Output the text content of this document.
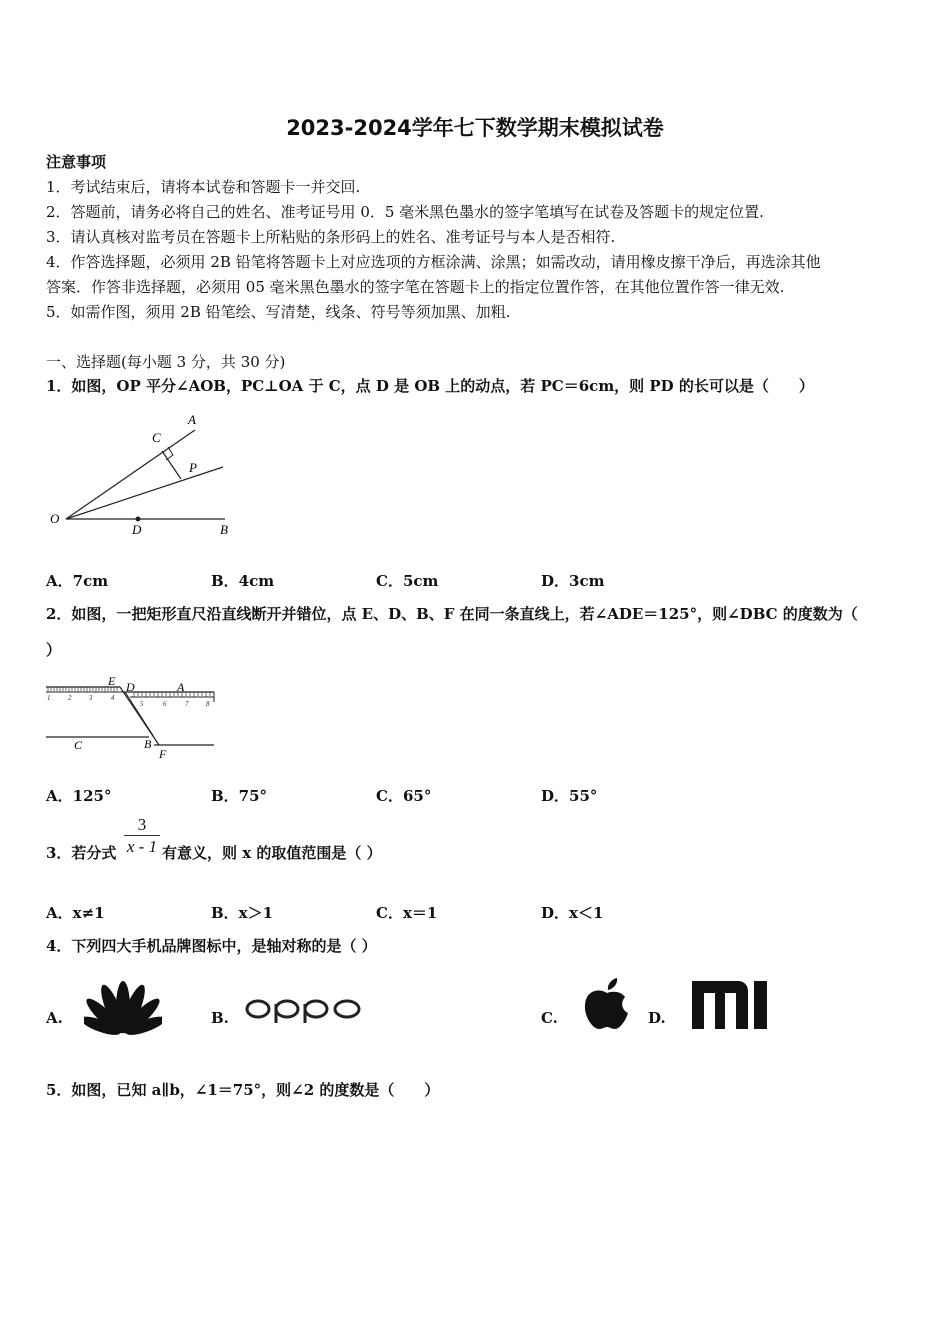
2023-2024学年七下数学期末模拟试卷
注意事项
1．考试结束后，请将本试卷和答题卡一并交回.
2．答题前，请务必将自己的姓名、准考证号用 0．5 毫米黑色墨水的签字笔填写在试卷及答题卡的规定位置.
3．请认真核对监考员在答题卡上所粘贴的条形码上的姓名、准考证号与本人是否相符.
4．作答选择题，必须用 2B 铅笔将答题卡上对应选项的方框涂满、涂黑；如需改动，请用橡皮擦干净后，再选涂其他
答案．作答非选择题，必须用 05 毫米黑色墨水的签字笔在答题卡上的指定位置作答，在其他位置作答一律无效.
5．如需作图，须用 2B 铅笔绘、写清楚，线条、符号等须加黑、加粗.
一、选择题(每小题 3 分，共 30 分)
1．如图，OP 平分∠AOB，PC⊥OA 于 C，点 D 是 OB 上的动点，若 PC＝6cm，则 PD 的长可以是（　　）
A
C
P
O
D	B
A．7cm	B．4cm	C．5cm	D．3cm
2．如图，一把矩形直尺沿直线断开并错位，点 E、D、B、F 在同一条直线上，若∠ADE＝125°，则∠DBC 的度数为（
）
1	2	3	4
5	6	7	8
E D	A
C	B
F
A．125°	B．75°	C．65°	D．55°
3．若分式 $\frac{3}{x - 1}$ 有意义，则 x 的取值范围是（ ）
A．x≠1	B．x＞1	C．x＝1	D．x＜1
4．下列四大手机品牌图标中，是轴对称的是（ ）
A.	B.	C.	D.
5．如图，已知 a∥b，∠1＝75°，则∠2 的度数是（　　）
